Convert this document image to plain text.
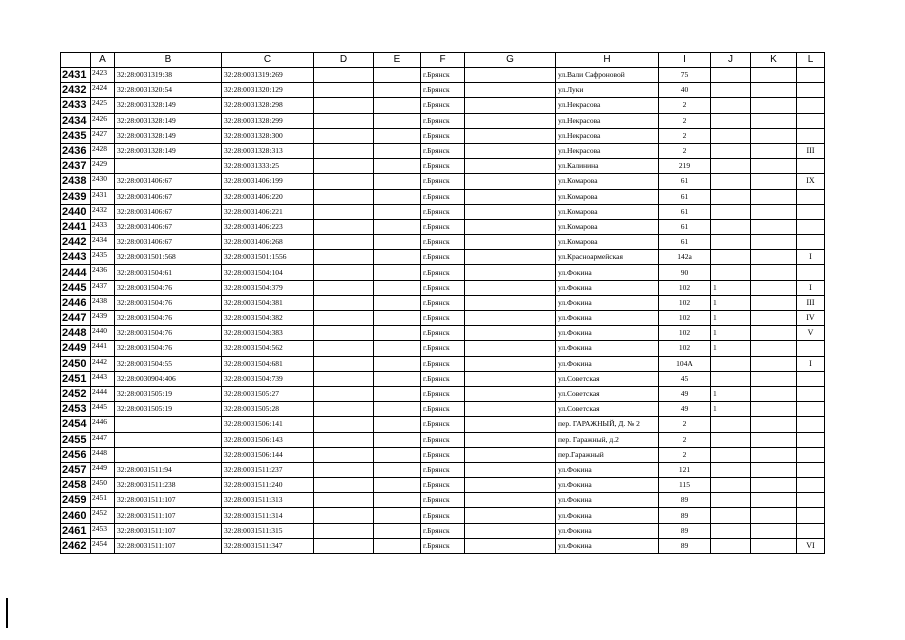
	A	B	C	D	E	F	G	H	I	J	K	L
2431	2423	32:28:0031319:38	32:28:0031319:269			г.Брянск		ул.Вали Сафроновой	75			
2432	2424	32:28:0031320:54	32:28:0031320:129			г.Брянск		ул.Луки	40			
2433	2425	32:28:0031328:149	32:28:0031328:298			г.Брянск		ул.Некрасова	2			
2434	2426	32:28:0031328:149	32:28:0031328:299			г.Брянск		ул.Некрасова	2			
2435	2427	32:28:0031328:149	32:28:0031328:300			г.Брянск		ул.Некрасова	2			
2436	2428	32:28:0031328:149	32:28:0031328:313			г.Брянск		ул.Некрасова	2			III
2437	2429		32:28:0031333:25			г.Брянск		ул.Калинина	219			
2438	2430	32:28:0031406:67	32:28:0031406:199			г.Брянск		ул.Комарова	61			IX
2439	2431	32:28:0031406:67	32:28:0031406:220			г.Брянск		ул.Комарова	61			
2440	2432	32:28:0031406:67	32:28:0031406:221			г.Брянск		ул.Комарова	61			
2441	2433	32:28:0031406:67	32:28:0031406:223			г.Брянск		ул.Комарова	61			
2442	2434	32:28:0031406:67	32:28:0031406:268			г.Брянск		ул.Комарова	61			
2443	2435	32:28:0031501:568	32:28:0031501:1556			г.Брянск		ул.Красноармейская	142а			I
2444	2436	32:28:0031504:61	32:28:0031504:104			г.Брянск		ул.Фокина	90			
2445	2437	32:28:0031504:76	32:28:0031504:379			г.Брянск		ул.Фокина	102	1		I
2446	2438	32:28:0031504:76	32:28:0031504:381			г.Брянск		ул.Фокина	102	1		III
2447	2439	32:28:0031504:76	32:28:0031504:382			г.Брянск		ул.Фокина	102	1		IV
2448	2440	32:28:0031504:76	32:28:0031504:383			г.Брянск		ул.Фокина	102	1		V
2449	2441	32:28:0031504:76	32:28:0031504:562			г.Брянск		ул.Фокина	102	1		
2450	2442	32:28:0031504:55	32:28:0031504:681			г.Брянск		ул.Фокина	104А			I
2451	2443	32:28:0030904:406	32:28:0031504:739			г.Брянск		ул.Советская	45			
2452	2444	32:28:0031505:19	32:28:0031505:27			г.Брянск		ул.Советская	49	1		
2453	2445	32:28:0031505:19	32:28:0031505:28			г.Брянск		ул.Советская	49	1		
2454	2446		32:28:0031506:141			г.Брянск		пер. ГАРАЖНЫЙ, Д. № 2	2			
2455	2447		32:28:0031506:143			г.Брянск		пер. Гаражный, д.2	2			
2456	2448		32:28:0031506:144			г.Брянск		пер.Гаражный	2			
2457	2449	32:28:0031511:94	32:28:0031511:237			г.Брянск		ул.Фокина	121			
2458	2450	32:28:0031511:238	32:28:0031511:240			г.Брянск		ул.Фокина	115			
2459	2451	32:28:0031511:107	32:28:0031511:313			г.Брянск		ул.Фокина	89			
2460	2452	32:28:0031511:107	32:28:0031511:314			г.Брянск		ул.Фокина	89			
2461	2453	32:28:0031511:107	32:28:0031511:315			г.Брянск		ул.Фокина	89			
2462	2454	32:28:0031511:107	32:28:0031511:347			г.Брянск		ул.Фокина	89			VI
